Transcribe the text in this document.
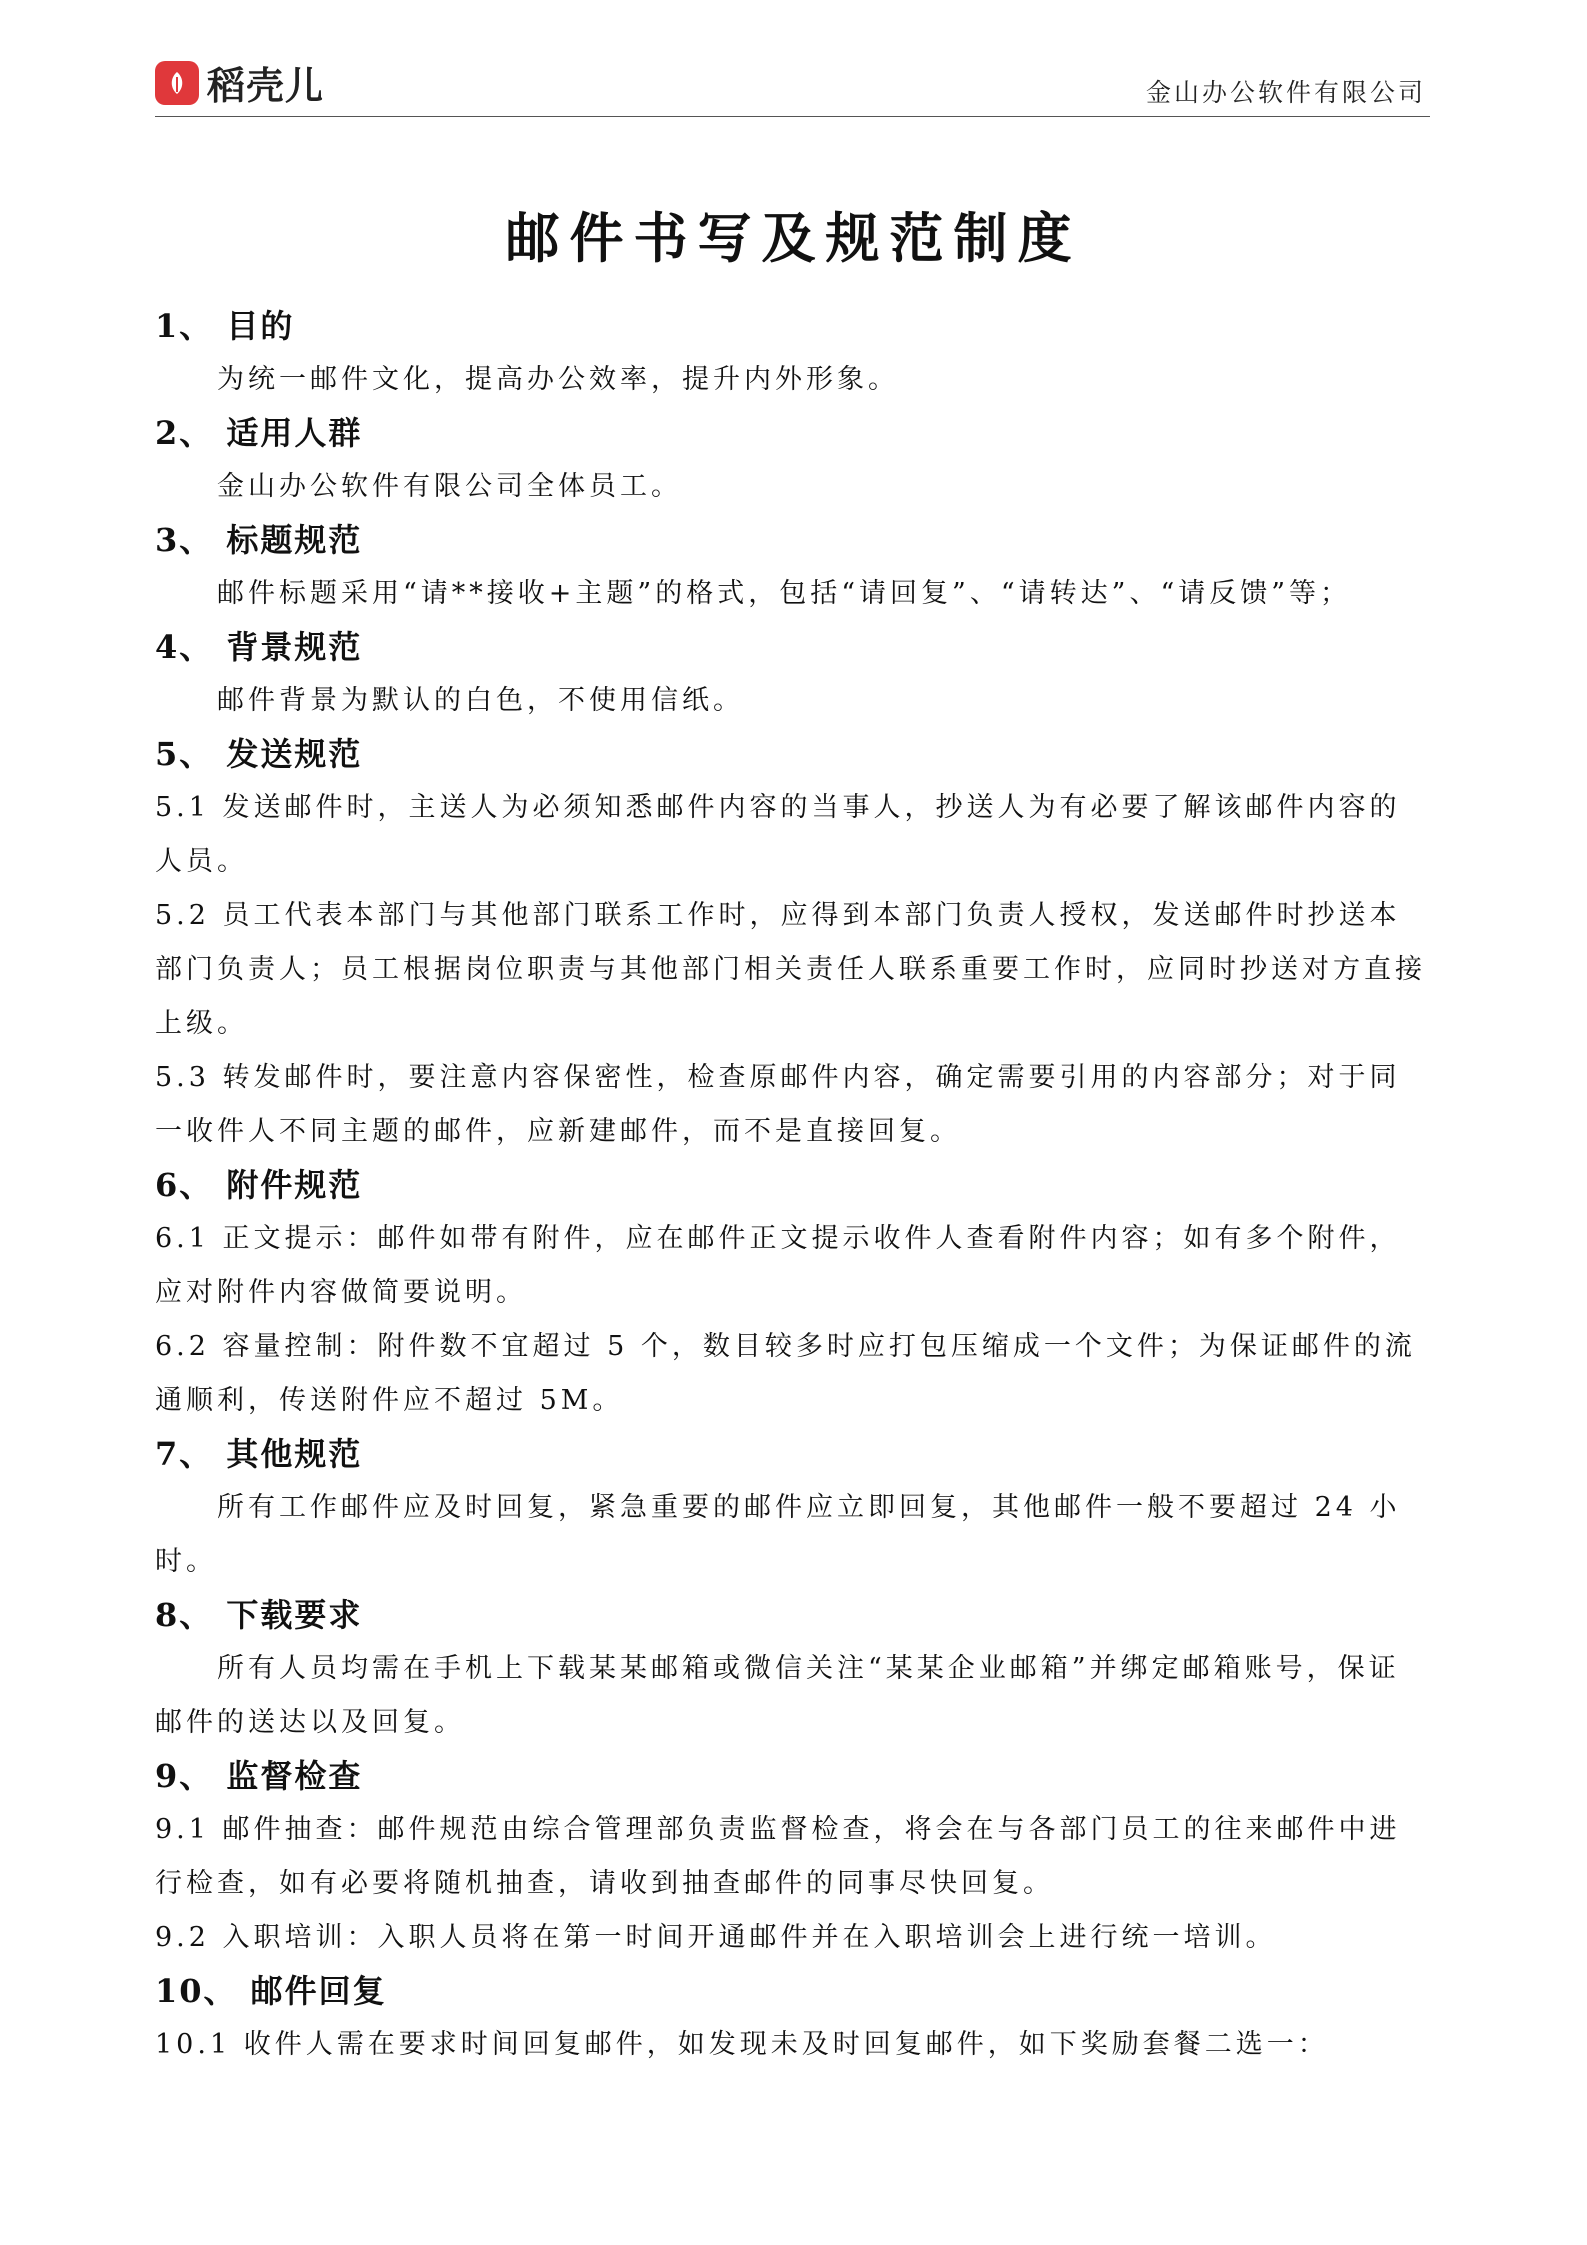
稻壳儿	金山办公软件有限公司
邮件书写及规范制度
1、 目的
为统一邮件文化，提高办公效率，提升内外形象。
2、 适用人群
金山办公软件有限公司全体员工。
3、 标题规范
邮件标题采用“请**接收+主题”的格式，包括“请回复”、“请转达”、“请反馈”等；
4、 背景规范
邮件背景为默认的白色，不使用信纸。
5、 发送规范
5.1 发送邮件时，主送人为必须知悉邮件内容的当事人，抄送人为有必要了解该邮件内容的人员。
5.2 员工代表本部门与其他部门联系工作时，应得到本部门负责人授权，发送邮件时抄送本部门负责人；员工根据岗位职责与其他部门相关责任人联系重要工作时，应同时抄送对方直接上级。
5.3 转发邮件时，要注意内容保密性，检查原邮件内容，确定需要引用的内容部分；对于同一收件人不同主题的邮件，应新建邮件，而不是直接回复。
6、 附件规范
6.1 正文提示：邮件如带有附件，应在邮件正文提示收件人查看附件内容；如有多个附件，应对附件内容做简要说明。
6.2 容量控制：附件数不宜超过 5 个，数目较多时应打包压缩成一个文件；为保证邮件的流通顺利，传送附件应不超过 5M。
7、 其他规范
所有工作邮件应及时回复，紧急重要的邮件应立即回复，其他邮件一般不要超过 24 小时。
8、 下载要求
所有人员均需在手机上下载某某邮箱或微信关注“某某企业邮箱”并绑定邮箱账号，保证邮件的送达以及回复。
9、 监督检查
9.1 邮件抽查：邮件规范由综合管理部负责监督检查，将会在与各部门员工的往来邮件中进行检查，如有必要将随机抽查，请收到抽查邮件的同事尽快回复。
9.2 入职培训：入职人员将在第一时间开通邮件并在入职培训会上进行统一培训。
10、 邮件回复
10.1 收件人需在要求时间回复邮件，如发现未及时回复邮件，如下奖励套餐二选一：
